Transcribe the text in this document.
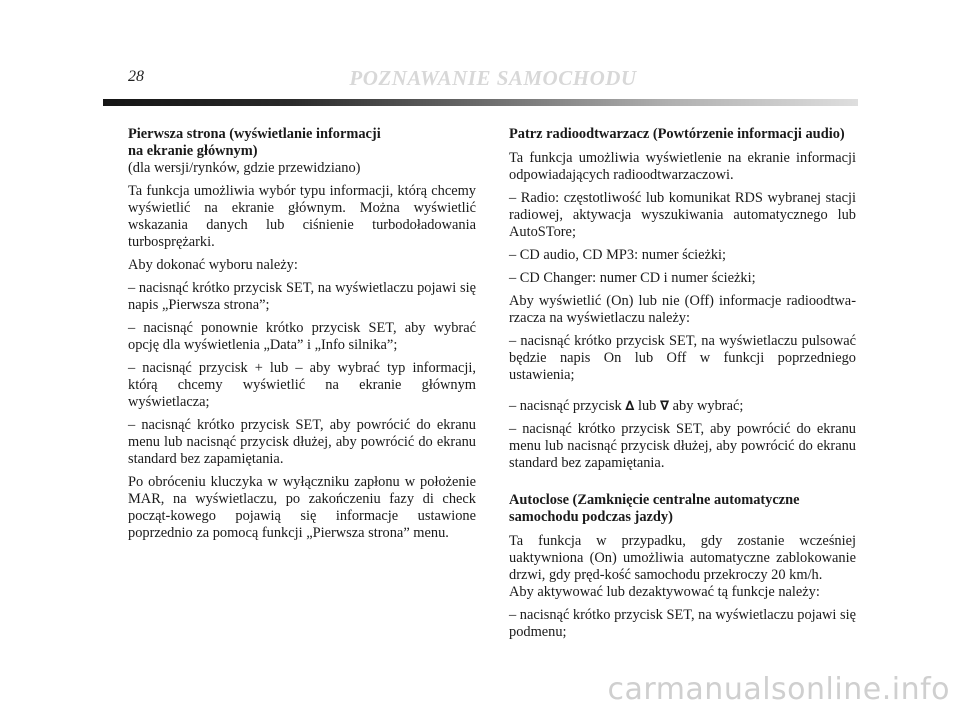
28	POZNAWANIE SAMOCHODU
Pierwsza strona (wyświetlanie informacji
na ekranie głównym)

(dla wersji/rynków, gdzie przewidziano)

Ta funkcja umożliwia wybór typu informacji, którą chcemy wyświetlić na ekranie głównym. Można wyświetlić wskazania danych lub ciśnienie turbodoładowania turbosprężarki.

Aby dokonać wyboru należy:

– nacisnąć krótko przycisk SET, na wyświetlaczu pojawi się napis „Pierwsza strona”;

– nacisnąć ponownie krótko przycisk SET, aby wybrać opcję dla wyświetlenia „Data” i „Info silnika”;

– nacisnąć przycisk + lub – aby wybrać typ informacji, którą chcemy wyświetlić na ekranie głównym wyświetlacza;

– nacisnąć krótko przycisk SET, aby powrócić do ekranu menu lub nacisnąć przycisk dłużej, aby powrócić do ekranu standard bez zapamiętania.

Po obróceniu kluczyka w wyłączniku zapłonu w położenie MAR, na wyświetlaczu, po zakończeniu fazy di check począt-kowego pojawią się informacje ustawione poprzednio za pomocą funkcji „Pierwsza strona” menu.

Patrz radioodtwarzacz (Powtórzenie informacji audio)

Ta funkcja umożliwia wyświetlenie na ekranie informacji odpowiadających radioodtwarzaczowi.

– Radio: częstotliwość lub komunikat RDS wybranej stacji radiowej, aktywacja wyszukiwania automatycznego lub AutoSTore;

– CD audio, CD MP3: numer ścieżki;

– CD Changer: numer CD i numer ścieżki;

Aby wyświetlić (On) lub nie (Off) informacje radioodtwa-rzacza na wyświetlaczu należy:

– nacisnąć krótko przycisk SET, na wyświetlaczu pulsować będzie napis On lub Off w funkcji poprzedniego ustawienia;

– nacisnąć przycisk ∆ lub ∇ aby wybrać;

– nacisnąć krótko przycisk SET, aby powrócić do ekranu menu lub nacisnąć przycisk dłużej, aby powrócić do ekranu standard bez zapamiętania.

Autoclose (Zamknięcie centralne automatyczne
samochodu podczas jazdy)

Ta funkcja w przypadku, gdy zostanie wcześniej uaktywniona (On) umożliwia automatyczne zablokowanie drzwi, gdy pręd-kość samochodu przekroczy 20 km/h.

Aby aktywować lub dezaktywować tą funkcje należy:

– nacisnąć krótko przycisk SET, na wyświetlaczu pojawi się podmenu;

carmanualsonline.info
